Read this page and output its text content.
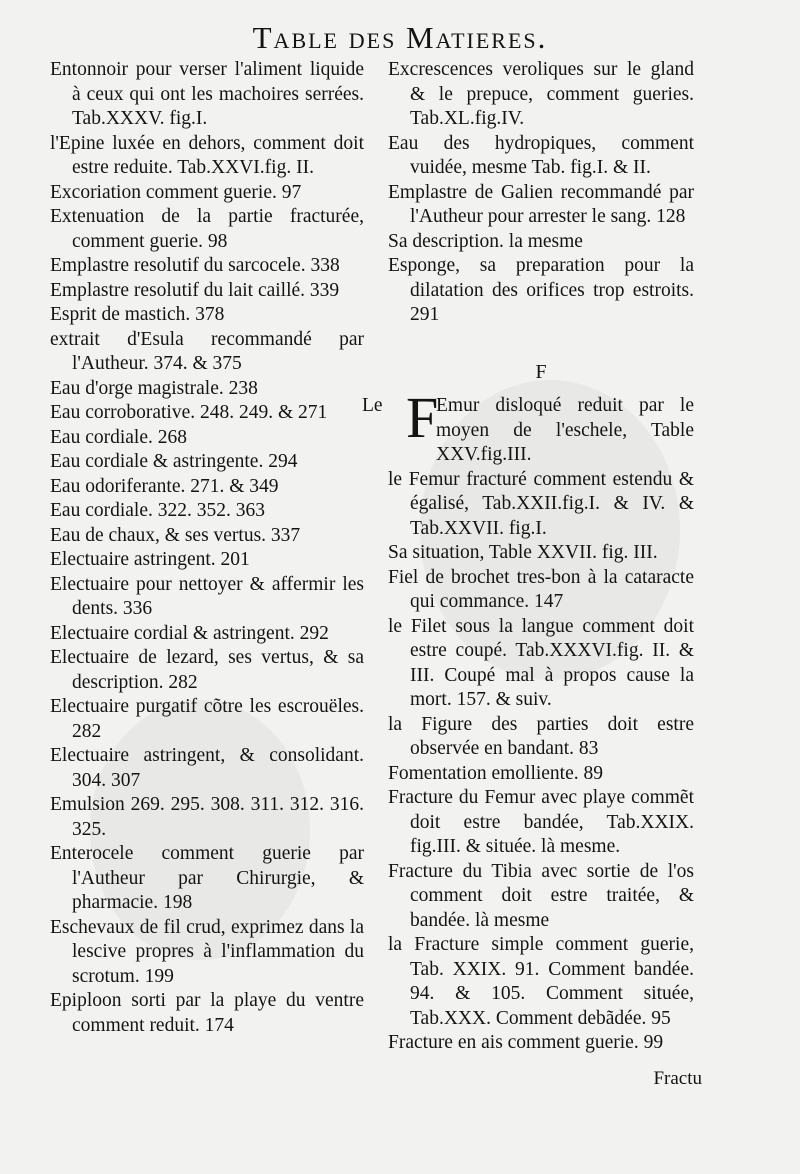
Table des Matieres.

Entonnoir pour verser l'aliment liquide à ceux qui ont les machoires serrées. Tab.XXXV. fig.I.

l'Epine luxée en dehors, comment doit estre reduite. Tab.XXVI.fig. II.

Excoriation comment guerie. 97

Extenuation de la partie fracturée, comment guerie. 98

Emplastre resolutif du sarcocele. 338

Emplastre resolutif du lait caillé. 339

Esprit de mastich. 378

extrait d'Esula recommandé par l'Autheur. 374. & 375

Eau d'orge magistrale. 238

Eau corroborative. 248. 249. & 271

Eau cordiale. 268

Eau cordiale & astringente. 294

Eau odoriferante. 271. & 349

Eau cordiale. 322. 352. 363

Eau de chaux, & ses vertus. 337

Electuaire astringent. 201

Electuaire pour nettoyer & affermir les dents. 336

Electuaire cordial & astringent. 292

Electuaire de lezard, ses vertus, & sa description. 282

Electuaire purgatif cõtre les escrouëles. 282

Electuaire astringent, & consolidant. 304. 307

Emulsion 269. 295. 308. 311. 312. 316. 325.

Enterocele comment guerie par l'Autheur par Chirurgie, & pharmacie. 198

Eschevaux de fil crud, exprimez dans la lescive propres à l'inflammation du scrotum. 199

Epiploon sorti par la playe du ventre comment reduit. 174

Excrescences veroliques sur le gland & le prepuce, comment gueries. Tab.XL.fig.IV.

Eau des hydropiques, comment vuidée, mesme Tab. fig.I. & II.

Emplastre de Galien recommandé par l'Autheur pour arrester le sang. 128

Sa description. la mesme

Esponge, sa preparation pour la dilatation des orifices trop estroits. 291

F

Le F
Emur disloqué reduit par le moyen de l'eschele, Table XXV.fig.III.

le Femur fracturé comment estendu & égalisé, Tab.XXII.fig.I. & IV. & Tab.XXVII. fig.I.

Sa situation, Table XXVII. fig. III.

Fiel de brochet tres-bon à la cataracte qui commance. 147

le Filet sous la langue comment doit estre coupé. Tab.XXXVI.fig. II. & III. Coupé mal à propos cause la mort. 157. & suiv.

la Figure des parties doit estre observée en bandant. 83

Fomentation emolliente. 89

Fracture du Femur avec playe commẽt doit estre bandée, Tab.XXIX. fig.III. & située. là mesme.

Fracture du Tibia avec sortie de l'os comment doit estre traitée, & bandée. là mesme

la Fracture simple comment guerie, Tab. XXIX. 91. Comment bandée. 94. & 105. Comment située, Tab.XXX. Comment debãdée. 95

Fracture en ais comment guerie. 99

Fractu
